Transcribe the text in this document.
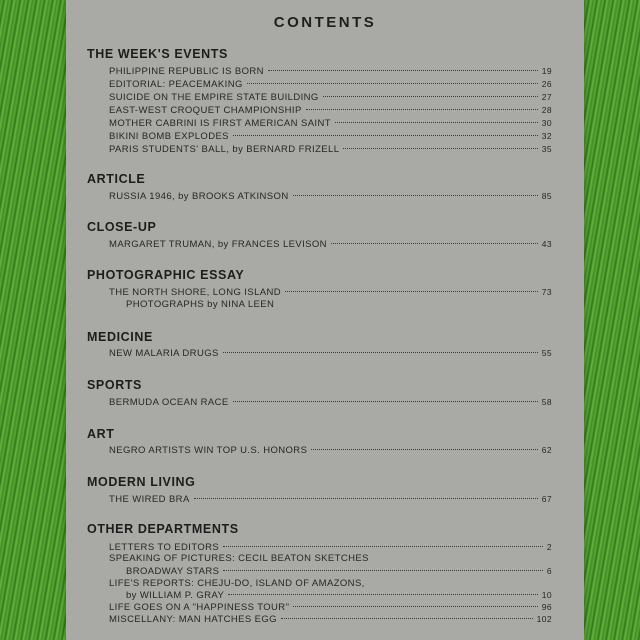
CONTENTS
THE WEEK'S EVENTS
PHILIPPINE REPUBLIC IS BORN	19
EDITORIAL: PEACEMAKING	26
SUICIDE ON THE EMPIRE STATE BUILDING	27
EAST-WEST CROQUET CHAMPIONSHIP	28
MOTHER CABRINI IS FIRST AMERICAN SAINT	30
BIKINI BOMB EXPLODES	32
PARIS STUDENTS' BALL, by BERNARD FRIZELL	35
ARTICLE
RUSSIA 1946, by BROOKS ATKINSON	85
CLOSE-UP
MARGARET TRUMAN, by FRANCES LEVISON	43
PHOTOGRAPHIC ESSAY
THE NORTH SHORE, LONG ISLAND	73
PHOTOGRAPHS by NINA LEEN
MEDICINE
NEW MALARIA DRUGS	55
SPORTS
BERMUDA OCEAN RACE	58
ART
NEGRO ARTISTS WIN TOP U.S. HONORS	62
MODERN LIVING
THE WIRED BRA	67
OTHER DEPARTMENTS
LETTERS TO EDITORS	2
SPEAKING OF PICTURES: CECIL BEATON SKETCHES
BROADWAY STARS	6
LIFE'S REPORTS: CHEJU-DO, ISLAND OF AMAZONS,
by WILLIAM P. GRAY	10
LIFE GOES ON A "HAPPINESS TOUR"	96
MISCELLANY: MAN HATCHES EGG	102
